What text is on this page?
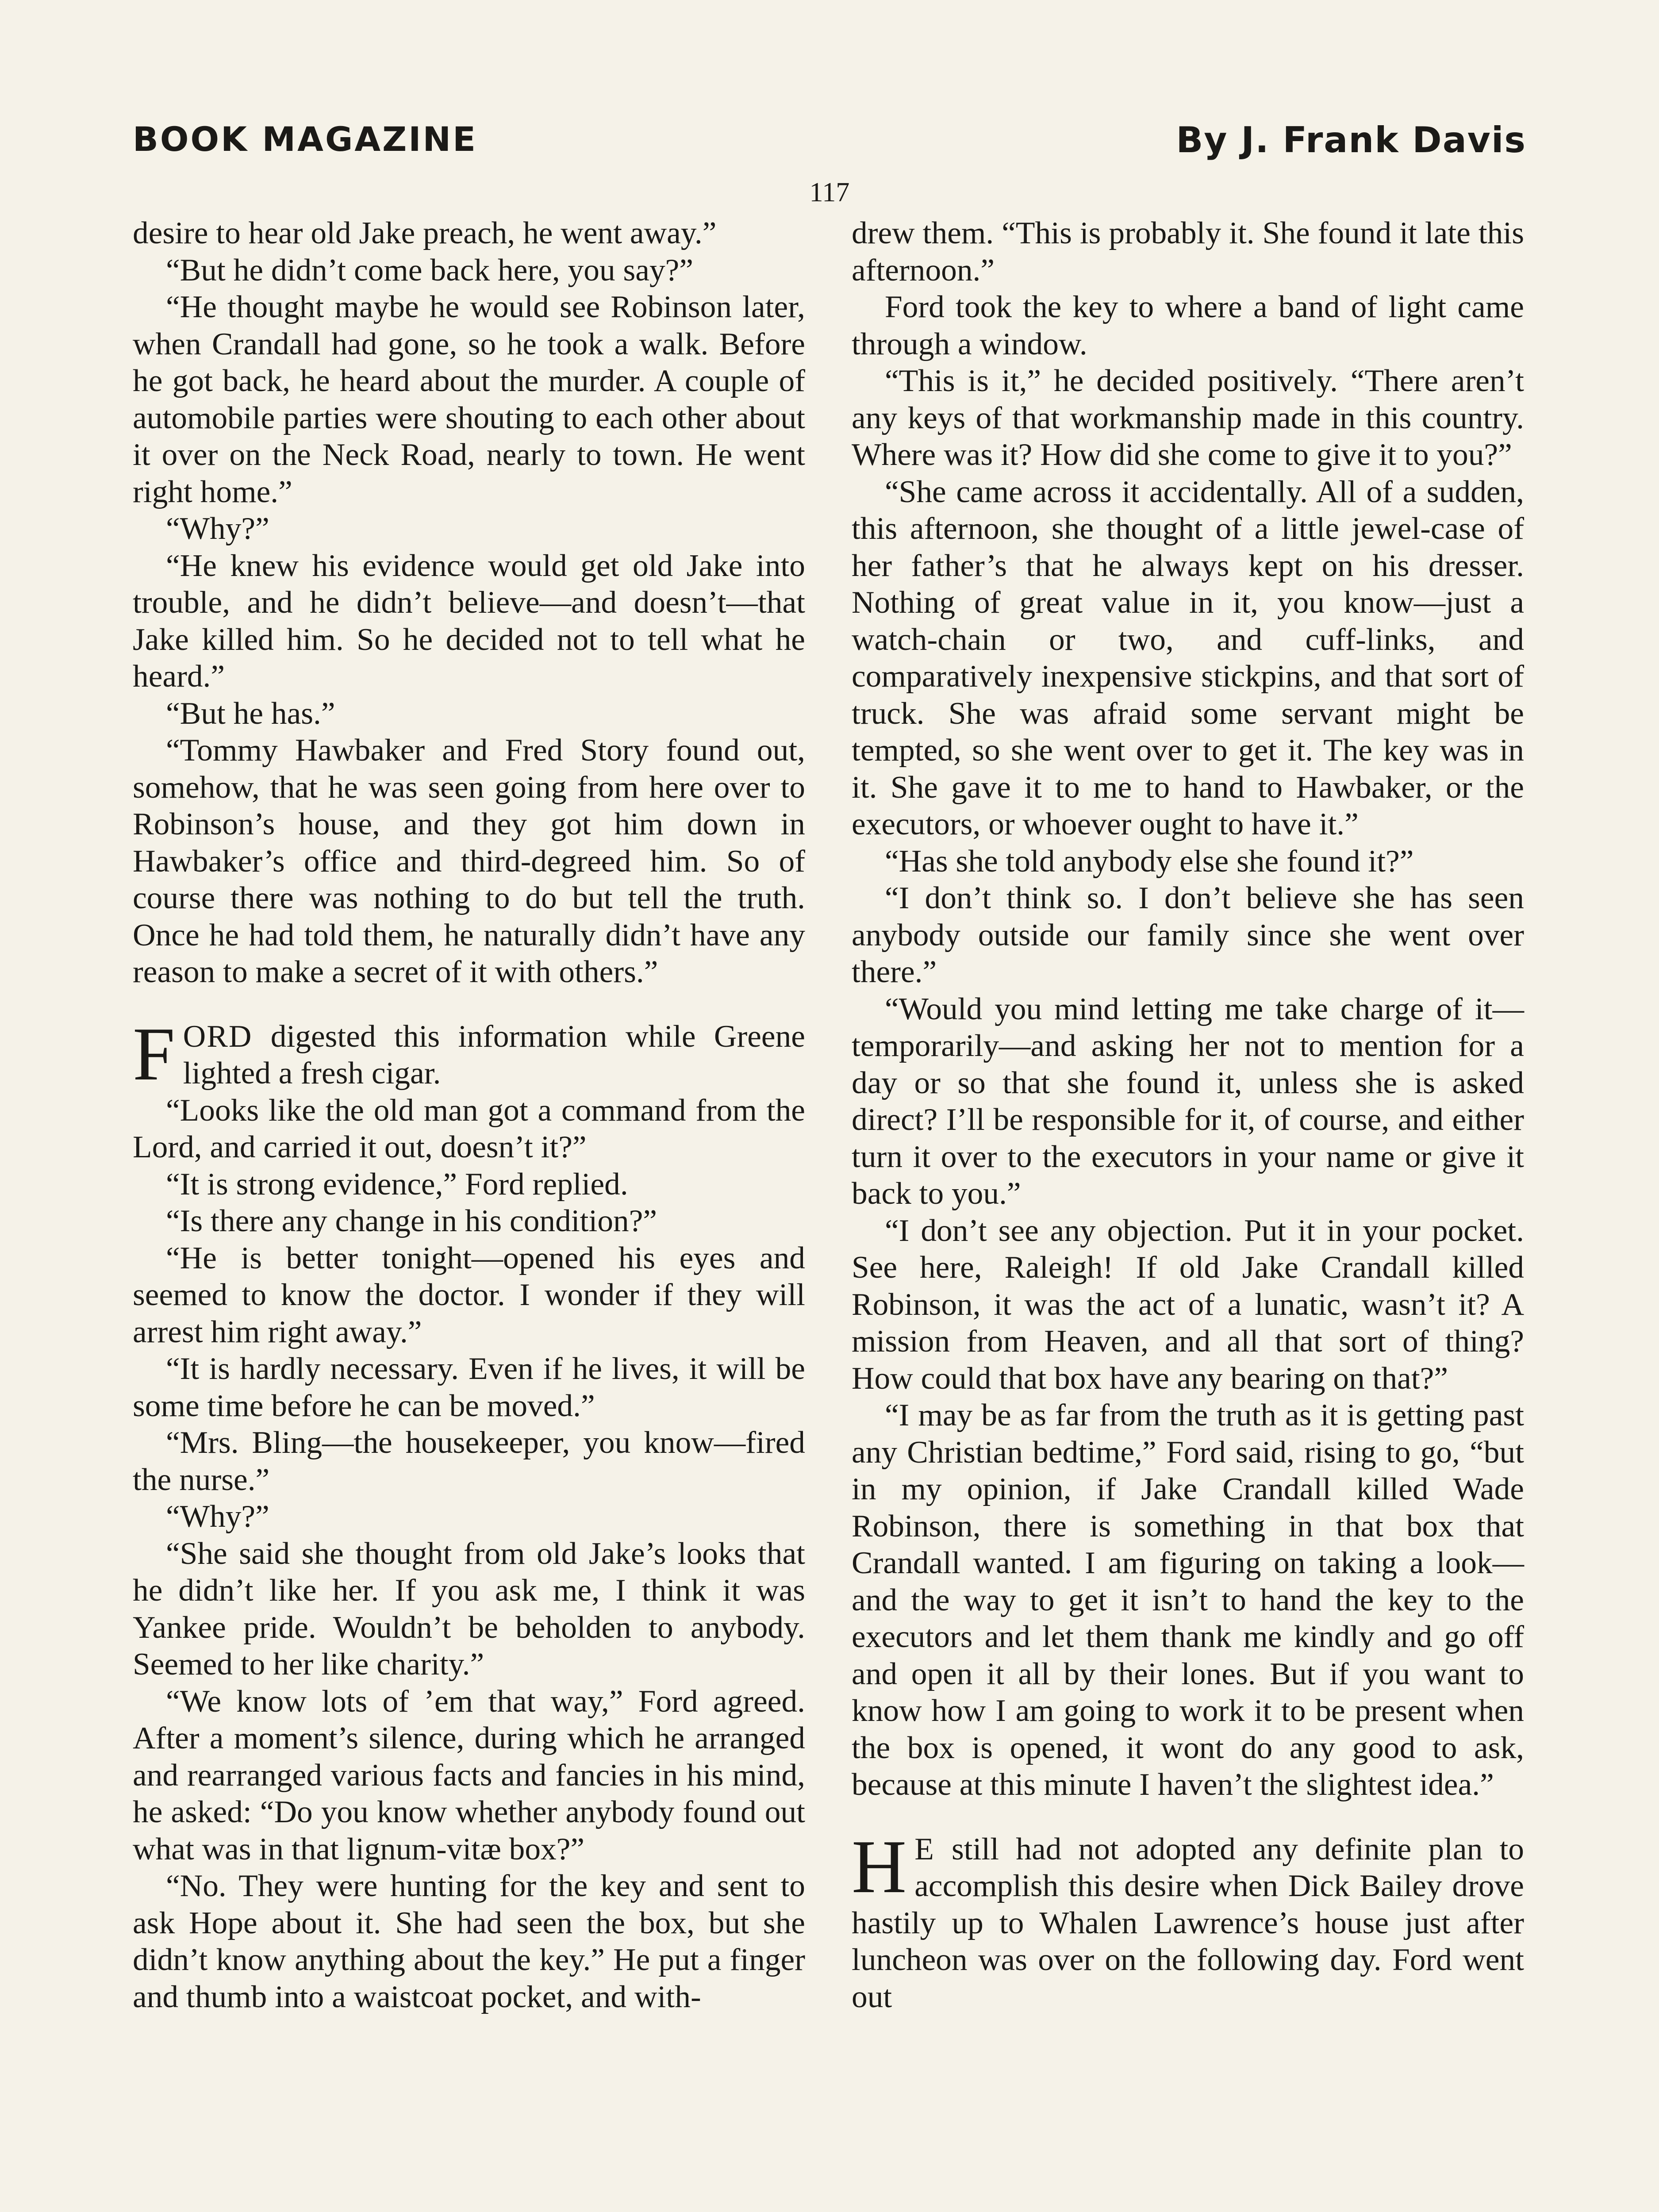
BOOK MAGAZINE	By J. Frank Davis
117

desire to hear old Jake preach, he went away.”

“But he didn’t come back here, you say?”

“He thought maybe he would see Robinson later, when Crandall had gone, so he took a walk. Before he got back, he heard about the murder. A couple of automobile parties were shouting to each other about it over on the Neck Road, nearly to town. He went right home.”

“Why?”

“He knew his evidence would get old Jake into trouble, and he didn’t believe—and doesn’t—that Jake killed him. So he decided not to tell what he heard.”

“But he has.”

“Tommy Hawbaker and Fred Story found out, somehow, that he was seen going from here over to Robinson’s house, and they got him down in Hawbaker’s office and third-degreed him. So of course there was nothing to do but tell the truth. Once he had told them, he naturally didn’t have any reason to make a secret of it with others.”

FORD digested this information while Greene lighted a fresh cigar.

“Looks like the old man got a command from the Lord, and carried it out, doesn’t it?”

“It is strong evidence,” Ford replied.

“Is there any change in his condition?”

“He is better tonight—opened his eyes and seemed to know the doctor. I wonder if they will arrest him right away.”

“It is hardly necessary. Even if he lives, it will be some time before he can be moved.”

“Mrs. Bling—the housekeeper, you know—fired the nurse.”

“Why?”

“She said she thought from old Jake’s looks that he didn’t like her. If you ask me, I think it was Yankee pride. Wouldn’t be beholden to anybody. Seemed to her like charity.”

“We know lots of ’em that way,” Ford agreed. After a moment’s silence, during which he arranged and rearranged various facts and fancies in his mind, he asked: “Do you know whether anybody found out what was in that lignum-vitæ box?”

“No. They were hunting for the key and sent to ask Hope about it. She had seen the box, but she didn’t know anything about the key.” He put a finger and thumb into a waistcoat pocket, and with-

drew them. “This is probably it. She found it late this afternoon.”

Ford took the key to where a band of light came through a window.

“This is it,” he decided positively. “There aren’t any keys of that workmanship made in this country. Where was it? How did she come to give it to you?”

“She came across it accidentally. All of a sudden, this afternoon, she thought of a little jewel-case of her father’s that he always kept on his dresser. Nothing of great value in it, you know—just a watch-chain or two, and cuff-links, and comparatively inexpensive stickpins, and that sort of truck. She was afraid some servant might be tempted, so she went over to get it. The key was in it. She gave it to me to hand to Hawbaker, or the executors, or whoever ought to have it.”

“Has she told anybody else she found it?”

“I don’t think so. I don’t believe she has seen anybody outside our family since she went over there.”

“Would you mind letting me take charge of it—temporarily—and asking her not to mention for a day or so that she found it, unless she is asked direct? I’ll be responsible for it, of course, and either turn it over to the executors in your name or give it back to you.”

“I don’t see any objection. Put it in your pocket. See here, Raleigh! If old Jake Crandall killed Robinson, it was the act of a lunatic, wasn’t it? A mission from Heaven, and all that sort of thing? How could that box have any bearing on that?”

“I may be as far from the truth as it is getting past any Christian bedtime,” Ford said, rising to go, “but in my opinion, if Jake Crandall killed Wade Robinson, there is something in that box that Crandall wanted. I am figuring on taking a look—and the way to get it isn’t to hand the key to the executors and let them thank me kindly and go off and open it all by their lones. But if you want to know how I am going to work it to be present when the box is opened, it wont do any good to ask, because at this minute I haven’t the slightest idea.”

H E still had not adopted any definite plan to accomplish this desire when Dick Bailey drove hastily up to Whalen Lawrence’s house just after luncheon was over on the following day. Ford went out
